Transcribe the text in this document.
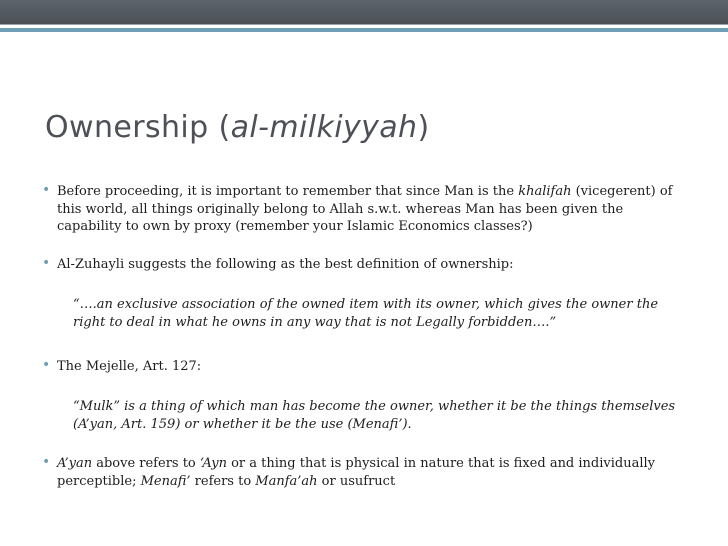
Ownership (al-milkiyyah)
• Before proceeding, it is important to remember that since Man is the khalifah (vicegerent) of this world, all things originally belong to Allah s.w.t. whereas Man has been given the capability to own by proxy (remember your Islamic Economics classes?)
• Al-Zuhayli suggests the following as the best definition of ownership:
“….an exclusive association of the owned item with its owner, which gives the owner the right to deal in what he owns in any way that is not Legally forbidden….”
• The Mejelle, Art. 127:
“Mulk” is a thing of which man has become the owner, whether it be the things themselves (A’yan, Art. 159) or whether it be the use (Menafi’).
• A’yan above refers to ‘Ayn or a thing that is physical in nature that is fixed and individually perceptible; Menafi’ refers to Manfa’ah or usufruct
